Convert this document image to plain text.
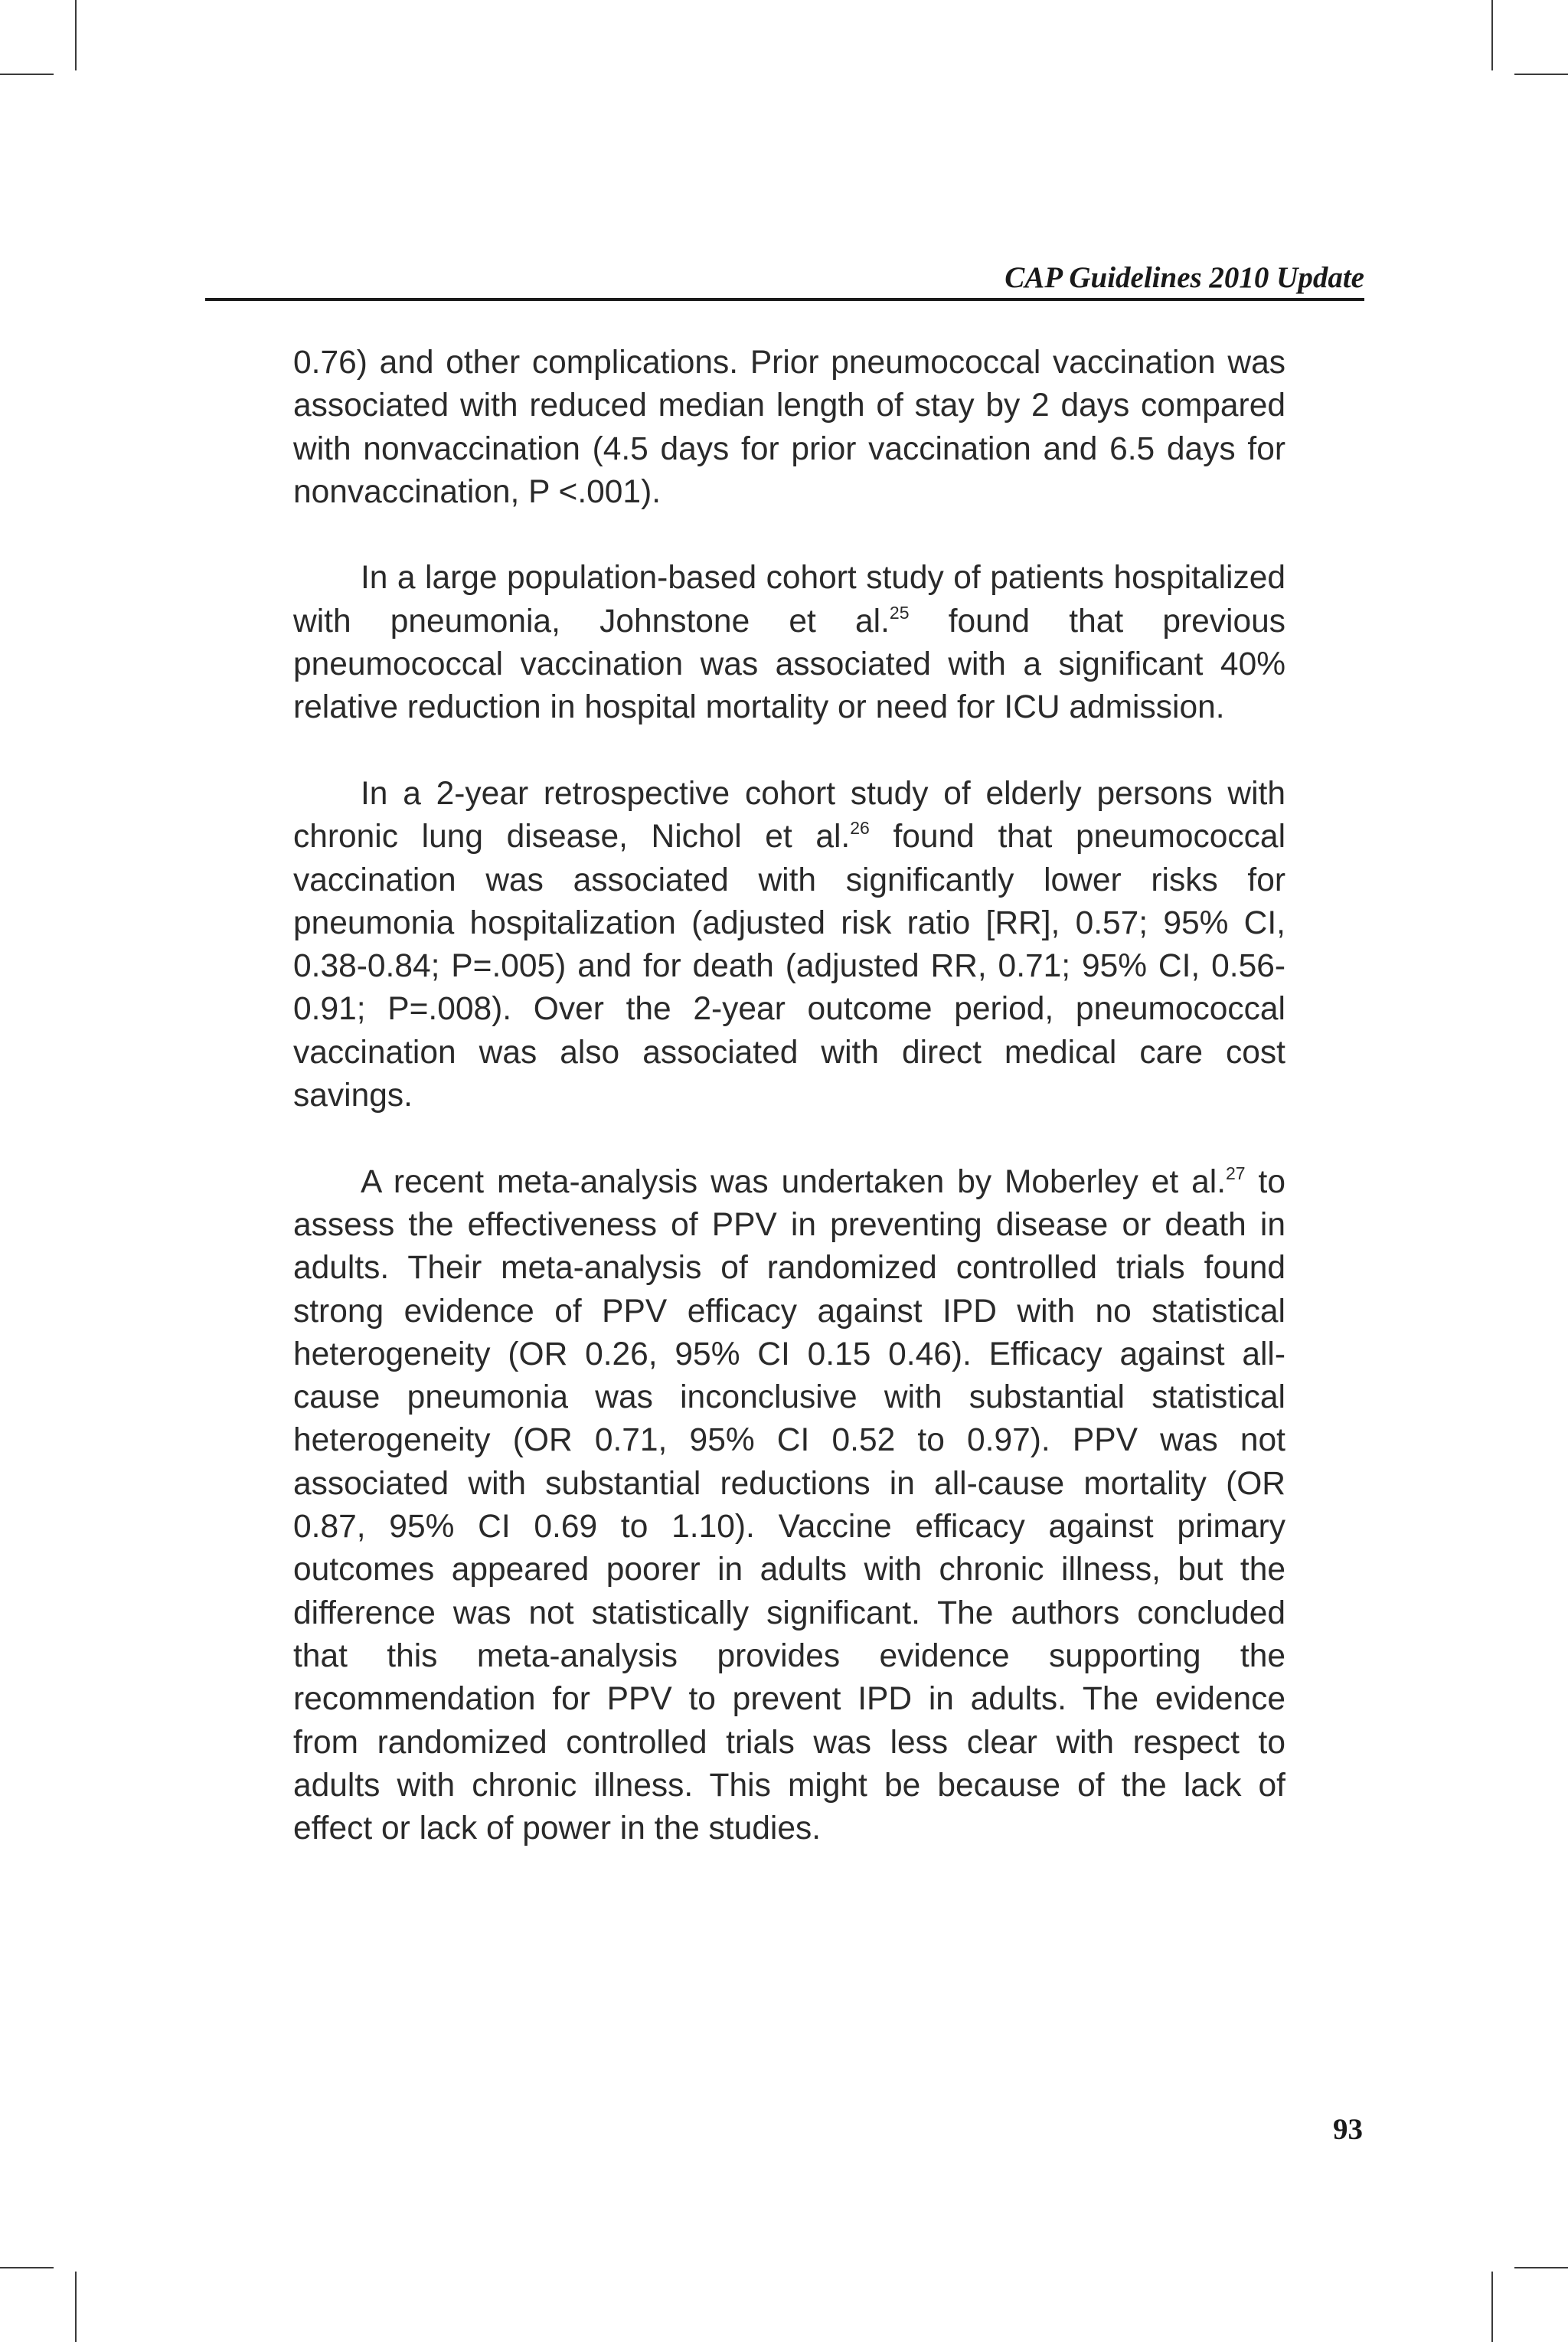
CAP Guidelines 2010 Update

0.76) and other complications. Prior pneumococcal vaccination was associated with reduced median length of stay by 2 days compared with nonvaccination (4.5 days for prior vaccination and 6.5 days for nonvaccination, P <.001).

In a large population-based cohort study of patients hospitalized with pneumonia, Johnstone et al.$^{25}$ found that previous pneumococcal vaccination was associated with a significant 40% relative reduction in hospital mortality or need for ICU admission.

In a 2-year retrospective cohort study of elderly persons with chronic lung disease, Nichol et al.$^{26}$ found that pneumococcal vaccination was associated with significantly lower risks for pneumonia hospitalization (adjusted risk ratio [RR], 0.57; 95% CI, 0.38-0.84; P=.005) and for death (adjusted RR, 0.71; 95% CI, 0.56-0.91; P=.008). Over the 2-year outcome period, pneumococcal vaccination was also associated with direct medical care cost savings.

A recent meta-analysis was undertaken by Moberley et al.$^{27}$ to assess the effectiveness of PPV in preventing disease or death in adults. Their meta-analysis of randomized controlled trials found strong evidence of PPV efficacy against IPD with no statistical heterogeneity (OR 0.26, 95% CI 0.15 0.46). Efficacy against all-cause pneumonia was inconclusive with substantial statistical heterogeneity (OR 0.71, 95% CI 0.52 to 0.97). PPV was not associated with substantial reductions in all-cause mortality (OR 0.87, 95% CI 0.69 to 1.10). Vaccine efficacy against primary outcomes appeared poorer in adults with chronic illness, but the difference was not statistically significant. The authors concluded that this meta-analysis provides evidence supporting the recommendation for PPV to prevent IPD in adults. The evidence from randomized controlled trials was less clear with respect to adults with chronic illness. This might be because of the lack of effect or lack of power in the studies.

93
